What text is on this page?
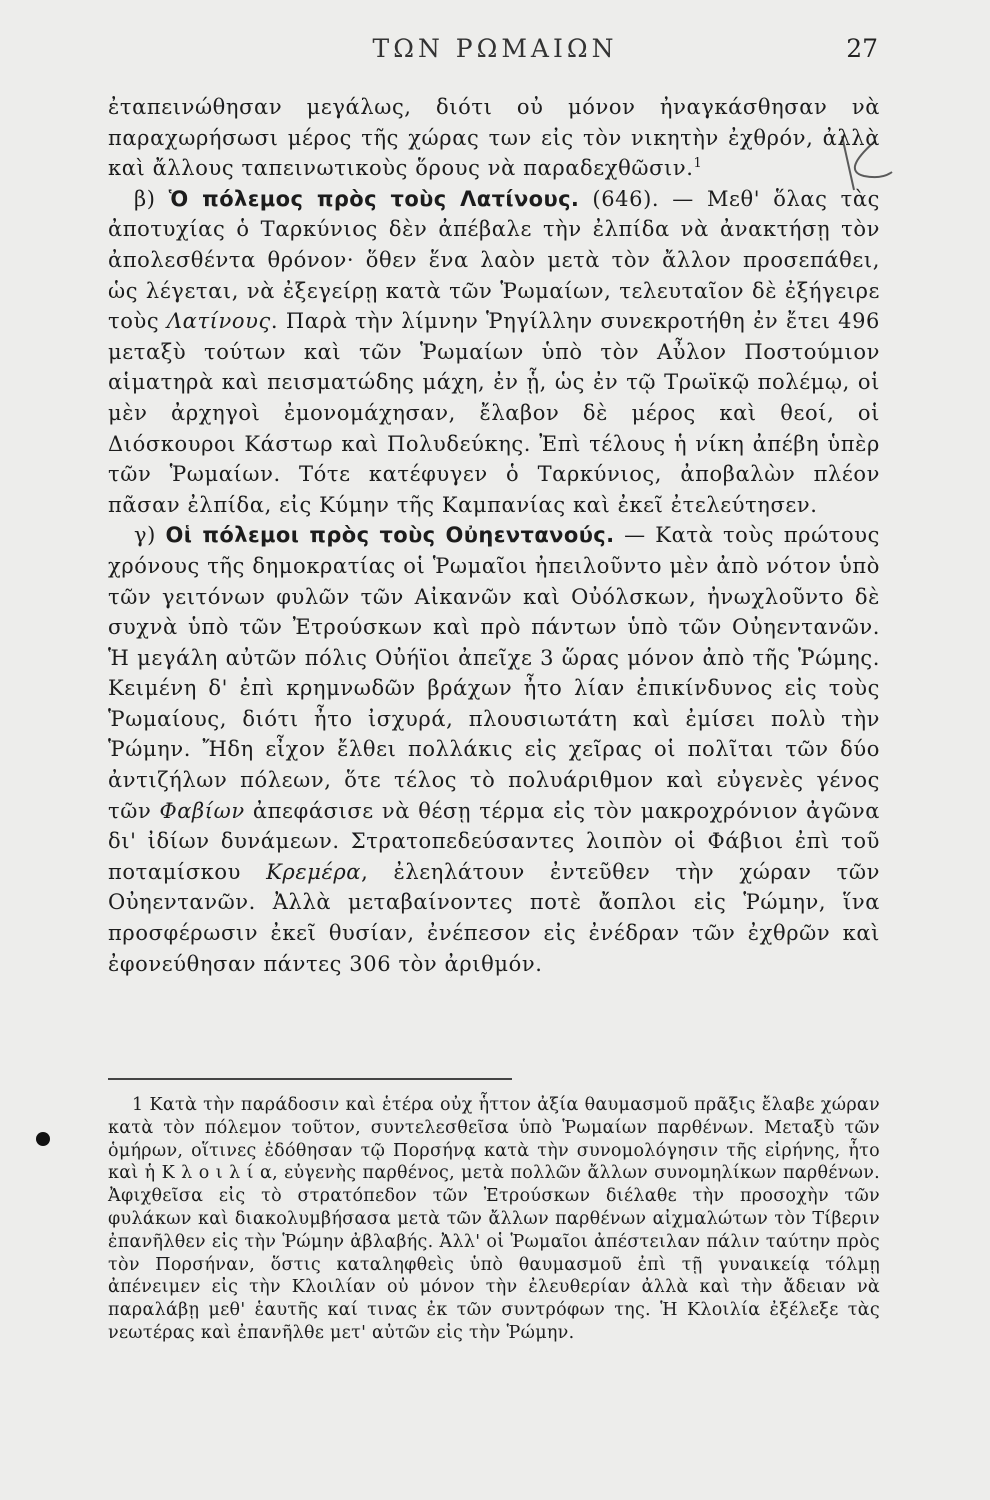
ΤΩΝ ΡΩΜΑΙΩΝ	27

ἐταπεινώθησαν μεγάλως, διότι οὐ μόνον ἠναγκάσθησαν νὰ παραχωρήσωσι μέρος τῆς χώρας των εἰς τὸν νικητὴν ἐχθρόν, ἀλλὰ καὶ ἄλλους ταπεινωτικοὺς ὅρους νὰ παραδεχθῶσιν.$^1$

β) Ὁ πόλεμος πρὸς τοὺς Λατίνους. (646). — Μεθ' ὅλας τὰς ἀποτυχίας ὁ Ταρκύνιος δὲν ἀπέβαλε τὴν ἐλπίδα νὰ ἀνακτήσῃ τὸν ἀπολεσθέντα θρόνον· ὅθεν ἕνα λαὸν μετὰ τὸν ἄλλον προσεπάθει, ὡς λέγεται, νὰ ἐξεγείρῃ κατὰ τῶν Ῥωμαίων, τελευταῖον δὲ ἐξήγειρε τοὺς Λατίνους. Παρὰ τὴν λίμνην Ῥηγίλλην συνεκροτήθη ἐν ἔτει 496 μεταξὺ τούτων καὶ τῶν Ῥωμαίων ὑπὸ τὸν Αὖλον Ποστούμιον αἱματηρὰ καὶ πεισματώδης μάχη, ἐν ᾗ, ὡς ἐν τῷ Τρωϊκῷ πολέμῳ, οἱ μὲν ἀρχηγοὶ ἐμονομάχησαν, ἔλαβον δὲ μέρος καὶ θεοί, οἱ Διόσκουροι Κάστωρ καὶ Πολυδεύκης. Ἐπὶ τέλους ἡ νίκη ἀπέβη ὑπὲρ τῶν Ῥωμαίων. Τότε κατέφυγεν ὁ Ταρκύνιος, ἀποβαλὼν πλέον πᾶσαν ἐλπίδα, εἰς Κύμην τῆς Καμπανίας καὶ ἐκεῖ ἐτελεύτησεν.

γ) Οἱ πόλεμοι πρὸς τοὺς Οὐηεντανούς. — Κατὰ τοὺς πρώτους χρόνους τῆς δημοκρατίας οἱ Ῥωμαῖοι ἠπειλοῦντο μὲν ἀπὸ νότον ὑπὸ τῶν γειτόνων φυλῶν τῶν Αἰκανῶν καὶ Οὐόλσκων, ἠνωχλοῦντο δὲ συχνὰ ὑπὸ τῶν Ἐτρούσκων καὶ πρὸ πάντων ὑπὸ τῶν Οὐηεντανῶν. Ἡ μεγάλη αὐτῶν πόλις Οὐήϊοι ἀπεῖχε 3 ὥρας μόνον ἀπὸ τῆς Ῥώμης. Κειμένη δ' ἐπὶ κρημνωδῶν βράχων ἦτο λίαν ἐπικίνδυνος εἰς τοὺς Ῥωμαίους, διότι ἦτο ἰσχυρά, πλουσιωτάτη καὶ ἐμίσει πολὺ τὴν Ῥώμην. Ἤδη εἶχον ἔλθει πολλάκις εἰς χεῖρας οἱ πολῖται τῶν δύο ἀντιζήλων πόλεων, ὅτε τέλος τὸ πολυάριθμον καὶ εὐγενὲς γένος τῶν Φαβίων ἀπεφάσισε νὰ θέσῃ τέρμα εἰς τὸν μακροχρόνιον ἀγῶνα δι' ἰδίων δυνάμεων. Στρατοπεδεύσαντες λοιπὸν οἱ Φάβιοι ἐπὶ τοῦ ποταμίσκου Κρεμέρα, ἐλεηλάτουν ἐντεῦθεν τὴν χώραν τῶν Οὐηεντανῶν. Ἀλλὰ μεταβαίνοντες ποτὲ ἄοπλοι εἰς Ῥώμην, ἵνα προσφέρωσιν ἐκεῖ θυσίαν, ἐνέπεσον εἰς ἐνέδραν τῶν ἐχθρῶν καὶ ἐφονεύθησαν πάντες 306 τὸν ἀριθμόν.

1 Κατὰ τὴν παράδοσιν καὶ ἑτέρα οὐχ ἧττον ἀξία θαυμασμοῦ πρᾶξις ἔλαβε χώραν κατὰ τὸν πόλεμον τοῦτον, συντελεσθεῖσα ὑπὸ Ῥωμαίων παρθένων. Μεταξὺ τῶν ὁμήρων, οἵτινες ἐδόθησαν τῷ Πορσήνᾳ κατὰ τὴν συνομολόγησιν τῆς εἰρήνης, ἦτο καὶ ἡ Κ λ ο ι λ ί α, εὐγενὴς παρθένος, μετὰ πολλῶν ἄλλων συνομηλίκων παρθένων. Ἀφιχθεῖσα εἰς τὸ στρατόπεδον τῶν Ἐτρούσκων διέλαθε τὴν προσοχὴν τῶν φυλάκων καὶ διακολυμβήσασα μετὰ τῶν ἄλλων παρθένων αἰχμαλώτων τὸν Τίβεριν ἐπανῆλθεν εἰς τὴν Ῥώμην ἀβλαβής. Ἀλλ' οἱ Ῥωμαῖοι ἀπέστειλαν πάλιν ταύτην πρὸς τὸν Πορσήναν, ὅστις καταληφθεὶς ὑπὸ θαυμασμοῦ ἐπὶ τῇ γυναικείᾳ τόλμῃ ἀπένειμεν εἰς τὴν Κλοιλίαν οὐ μόνον τὴν ἐλευθερίαν ἀλλὰ καὶ τὴν ἄδειαν νὰ παραλάβῃ μεθ' ἑαυτῆς καί τινας ἐκ τῶν συντρόφων της. Ἡ Κλοιλία ἐξέλεξε τὰς νεωτέρας καὶ ἐπανῆλθε μετ' αὐτῶν εἰς τὴν Ῥώμην.
